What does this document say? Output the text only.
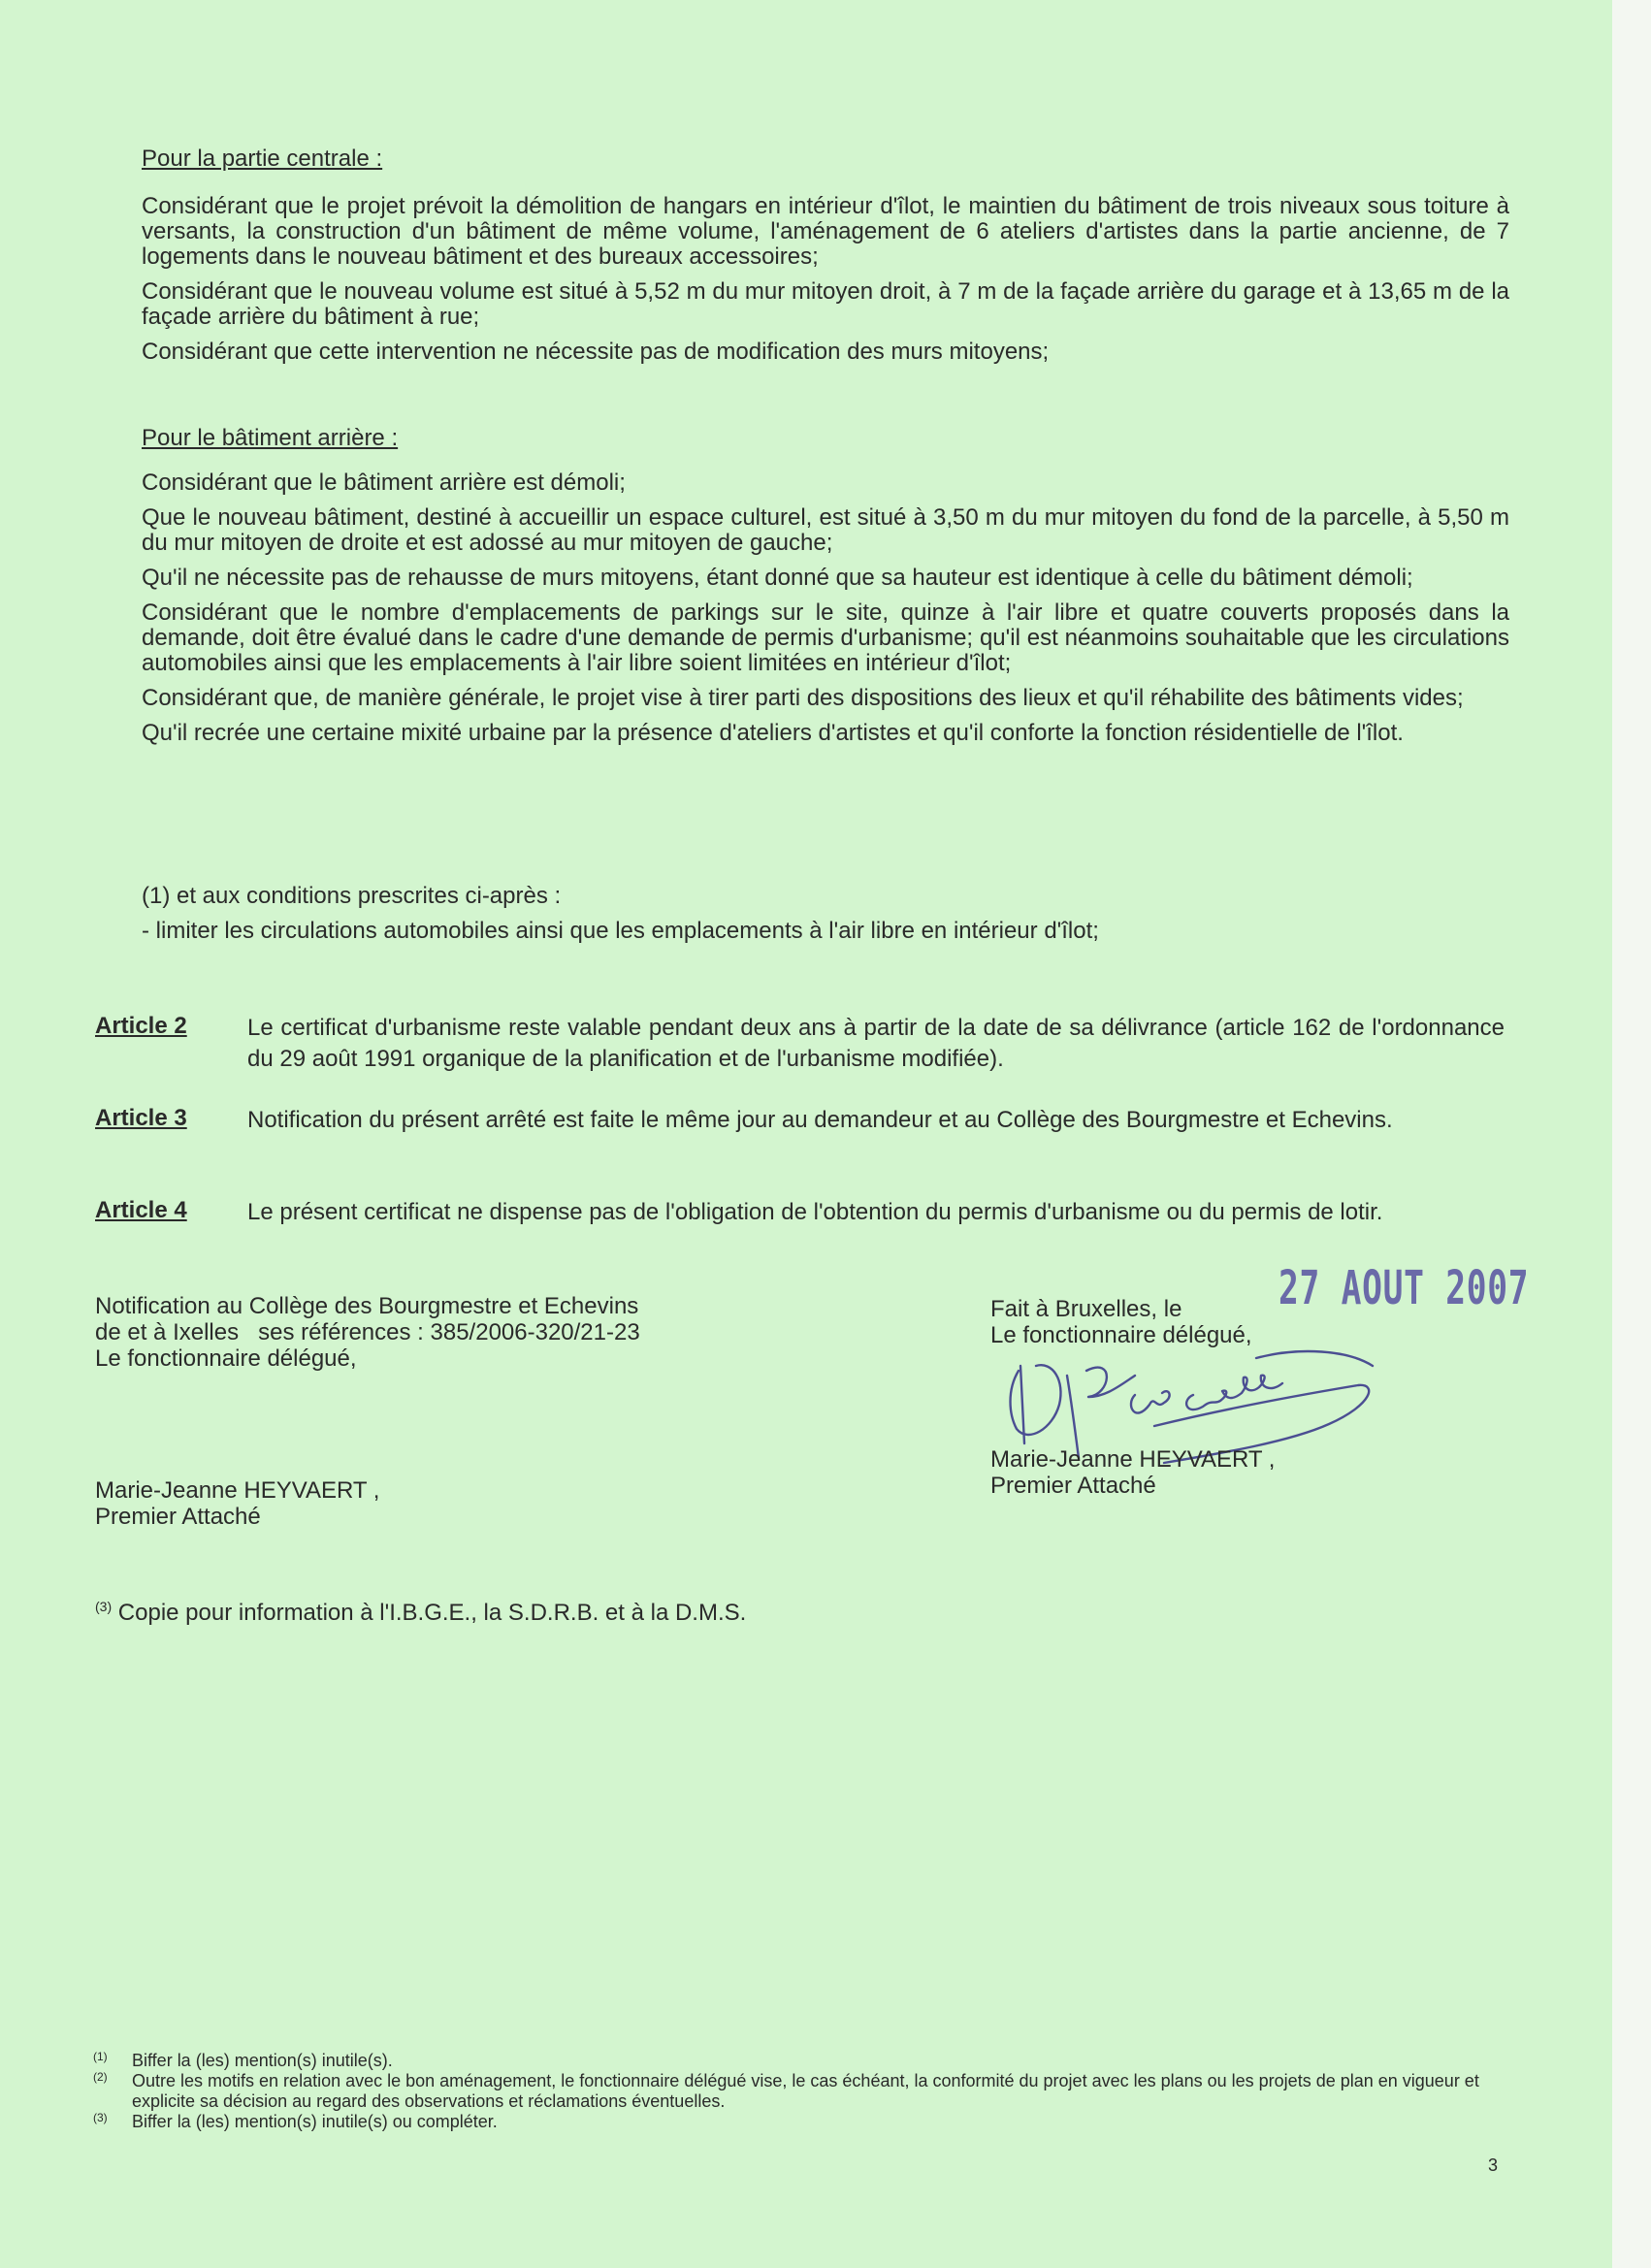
Pour la partie centrale :

Considérant que le projet prévoit la démolition de hangars en intérieur d'îlot, le maintien du bâtiment de trois niveaux sous toiture à versants, la construction d'un bâtiment de même volume, l'aménagement de 6 ateliers d'artistes dans la partie ancienne, de 7 logements dans le nouveau bâtiment et des bureaux accessoires;

Considérant que le nouveau volume est situé à 5,52 m du mur mitoyen droit, à 7 m de la façade arrière du garage et à 13,65 m de la façade arrière du bâtiment à rue;

Considérant que cette intervention ne nécessite pas de modification des murs mitoyens;

Pour le bâtiment arrière :

Considérant que le bâtiment arrière est démoli;

Que le nouveau bâtiment, destiné à accueillir un espace culturel, est situé à 3,50 m du mur mitoyen du fond de la parcelle, à 5,50 m du mur mitoyen de droite et est adossé au mur mitoyen de gauche;

Qu'il ne nécessite pas de rehausse de murs mitoyens, étant donné que sa hauteur est identique à celle du bâtiment démoli;

Considérant que le nombre d'emplacements de parkings sur le site, quinze à l'air libre et quatre couverts proposés dans la demande, doit être évalué dans le cadre d'une demande de permis d'urbanisme; qu'il est néanmoins souhaitable que les circulations automobiles ainsi que les emplacements à l'air libre soient limitées en intérieur d'îlot;

Considérant que, de manière générale, le projet vise à tirer parti des dispositions des lieux et qu'il réhabilite des bâtiments vides;

Qu'il recrée une certaine mixité urbaine par la présence d'ateliers d'artistes et qu'il conforte la fonction résidentielle de l'îlot.

(1) et aux conditions prescrites ci-après :

- limiter les circulations automobiles ainsi que les emplacements à l'air libre en intérieur d'îlot;

Article 2	Le certificat d'urbanisme reste valable pendant deux ans à partir de la date de sa délivrance (article 162 de l'ordonnance du 29 août 1991 organique de la planification et de l'urbanisme modifiée).
Article 3	Notification du présent arrêté est faite le même jour au demandeur et au Collège des Bourgmestre et Echevins.
Article 4	Le présent certificat ne dispense pas de l'obligation de l'obtention du permis d'urbanisme ou du permis de lotir.
Notification au Collège des Bourgmestre et Echevins
de et à Ixelles   ses références : 385/2006-320/21-23
Le fonctionnaire délégué,
Marie-Jeanne HEYVAERT ,
Premier Attaché
Fait à Bruxelles, le
Le fonctionnaire délégué,
27 AOUT 2007
Marie-Jeanne HEYVAERT ,
Premier Attaché
$^{(3)}$ Copie pour information à l'I.B.G.E., la S.D.R.B. et à la D.M.S.
(1) Biffer la (les) mention(s) inutile(s).
(2) Outre les motifs en relation avec le bon aménagement, le fonctionnaire délégué vise, le cas échéant, la conformité du projet avec les plans ou les projets de plan en vigueur et explicite sa décision au regard des observations et réclamations éventuelles.
(3) Biffer la (les) mention(s) inutile(s) ou compléter.
3
